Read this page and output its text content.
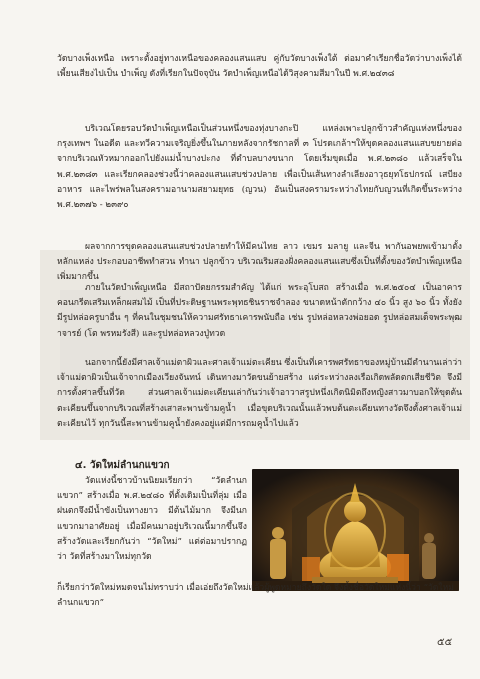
วัดบางเพ็งเหนือ เพราะตั้งอยู่ทางเหนือของคลองแสนแสบ คู่กับวัดบางเพ็งใต้ ต่อมาคำเรียกชื่อวัดว่าบางเพ็งได้เพี้ยนเสียงไปเป็น บำเพ็ญ ดังที่เรียกในปัจจุบัน วัดบำเพ็ญเหนือได้วิสุงคามสีมาในปี พ.ศ.๒๔๓๘

บริเวณโดยรอบวัดบำเพ็ญเหนือเป็นส่วนหนึ่งของทุ่งบางกะปิ แหล่งเพาะปลูกข้าวสำคัญแห่งหนึ่งของกรุงเทพฯ ในอดีต และทวีความเจริญยิ่งขึ้นในภายหลังจากรัชกาลที่ ๓ โปรดเกล้าฯให้ขุดคลองแสนแสบขยายต่อจากบริเวณหัวหมากออกไปยังแม่น้ำบางปะกง ที่ตำบลบางขนาก โดยเริ่มขุดเมื่อ พ.ศ.๒๓๘๐ แล้วเสร็จใน พ.ศ.๒๓๘๓ และเรียกคลองช่วงนี้ว่าคลองแสนแสบช่วงปลาย เพื่อเป็นเส้นทางลำเลียงอาวุธยุทโธปกรณ์ เสบียงอาหาร และไพร่พลในสงครามอานามสยามยุทธ (ญวน) อันเป็นสงครามระหว่างไทยกับญวนที่เกิดขึ้นระหว่าง พ.ศ.๒๓๗๖ - ๒๓๙๐

ผลจากการขุดคลองแสนแสบช่วงปลายทำให้มีคนไทย ลาว เขมร มลายู และจีน พากันอพยพเข้ามาตั้งหลักแหล่ง ประกอบอาชีพทำสวน ทำนา ปลูกข้าว บริเวณริมสองฝั่งคลองแสนแสบซึ่งเป็นที่ตั้งของวัดบำเพ็ญเหนือเพิ่มมากขึ้น

ภายในวัดบำเพ็ญเหนือ มีสถาปัตยกรรมสำคัญ ได้แก่ พระอุโบสถ สร้างเมื่อ พ.ศ.๒๕๐๔ เป็นอาคารคอนกรีตเสริมเหล็กผสมไม้ เป็นที่ประดิษฐานพระพุทธชินราชจำลอง ขนาดหน้าตักกว้าง ๔๐ นิ้ว สูง ๖๐ นิ้ว ทั้งยังมีรูปหล่อครูบาอื่น ๆ ที่คนในชุมชนให้ความศรัทธาเคารพนับถือ เช่น รูปหล่อหลวงพ่อยอด รูปหล่อสมเด็จพระพุฒาจารย์ (โต พรหมรังสี) และรูปหล่อหลวงปู่ทวด

นอกจากนี้ยังมีศาลเจ้าแม่ตาผิวและศาลเจ้าแม่ตะเคียน ซึ่งเป็นที่เคารพศรัทธาของหมู่บ้านมีตำนานเล่าว่า เจ้าแม่ตาผิวเป็นเจ้าจากเมืองเวียงจันทน์ เดินทางมาวัดขนย้ายสร้าง แต่ระหว่างลงเรือเกิดพลัดตกเสียชีวิต จึงมีการตั้งศาลขึ้นที่วัด ส่วนศาลเจ้าแม่ตะเคียนเล่ากันว่าเจ้าอาวาสรูปหนึ่งเกิดนิมิตถึงหญิงสาวมาบอกให้ขุดต้นตะเคียนขึ้นจากบริเวณที่สร้างเสาสะพานข้ามคูน้ำ เมื่อขุดบริเวณนั้นแล้วพบต้นตะเคียนทางวัดจึงตั้งศาลเจ้าแม่ตะเคียนไว้ ทุกวันนี้สะพานข้ามคูน้ำยังคงอยู่แต่มีการถมคูน้ำไปแล้ว

๔. วัดใหม่ลำนกแขวก

วัดแห่งนี้ชาวบ้านนิยมเรียกว่า “วัดลำนกแขวก” สร้างเมื่อ พ.ศ.๒๔๘๐ ที่ตั้งเดิมเป็นที่ลุ่ม เมื่อฝนตกจึงมีน้ำขังเป็นทางยาว มีต้นไม้มาก จึงมีนกแขวกมาอาศัยอยู่ เมื่อมีคนมาอยู่บริเวณนี้มากขึ้นจึงสร้างวัดและเรียกกันว่า “วัดใหม่” แต่ต่อมาปรากฏว่า วัดที่สร้างมาใหม่ทุกวัด

ก็เรียกว่าวัดใหม่หมดจนไม่ทราบว่า เมื่อเอ่ยถึงวัดใหม่แล้วผู้พูดหมายถึงวัดใด จึงตั้งชื่อวัดใหม่แห่งนี้ว่า “วัดใหม่ลำนกแขวก”

๕๕
